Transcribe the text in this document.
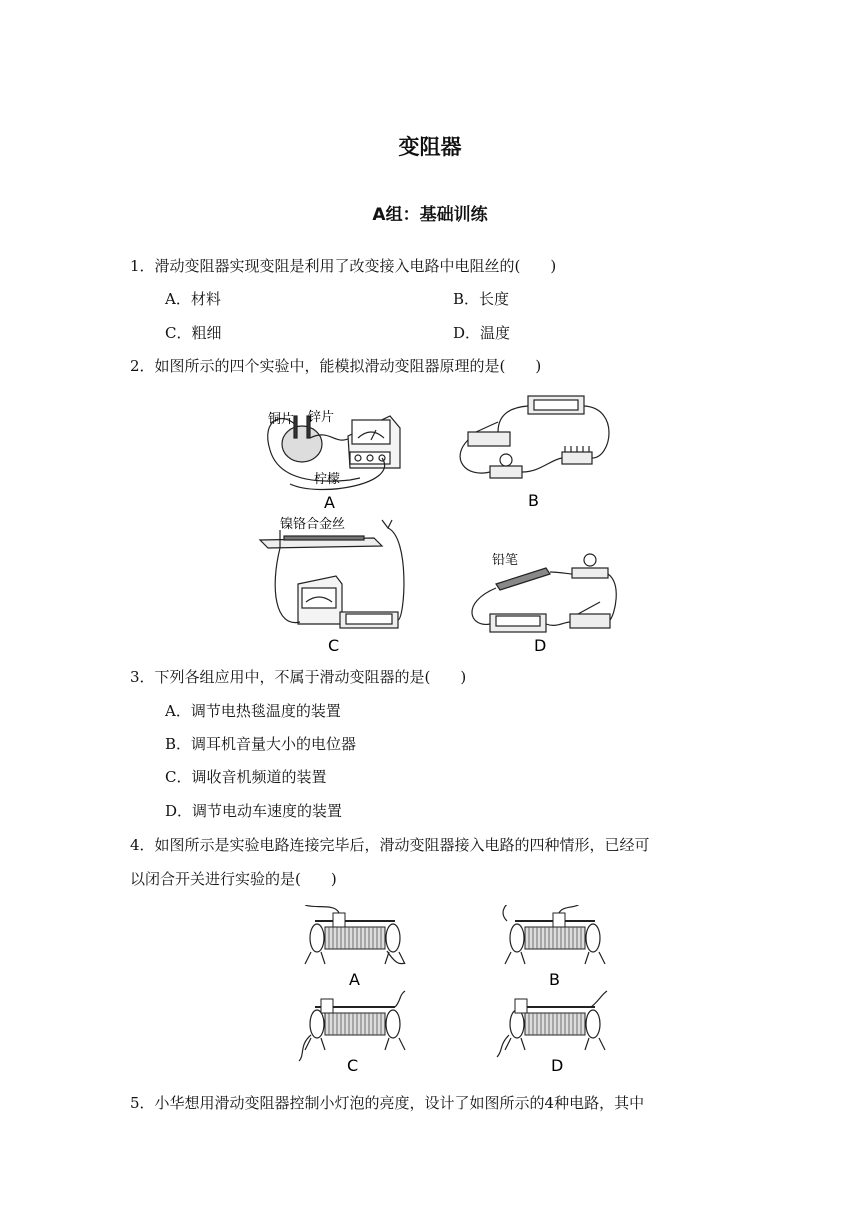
变阻器
A组：基础训练
1．滑动变阻器实现变阻是利用了改变接入电路中电阻丝的(　　)
A．材料	B．长度
C．粗细	D．温度
2．如图所示的四个实验中，能模拟滑动变阻器原理的是(　　)
铜片 锌片
柠檬
镍铬合金丝
铅笔
A	B
C	D
3．下列各组应用中，不属于滑动变阻器的是(　　)
A．调节电热毯温度的装置
B．调耳机音量大小的电位器
C．调收音机频道的装置
D．调节电动车速度的装置
4．如图所示是实验电路连接完毕后，滑动变阻器接入电路的四种情形，已经可
以闭合开关进行实验的是(　　)
A	B
C	D
5．小华想用滑动变阻器控制小灯泡的亮度，设计了如图所示的4种电路，其中
